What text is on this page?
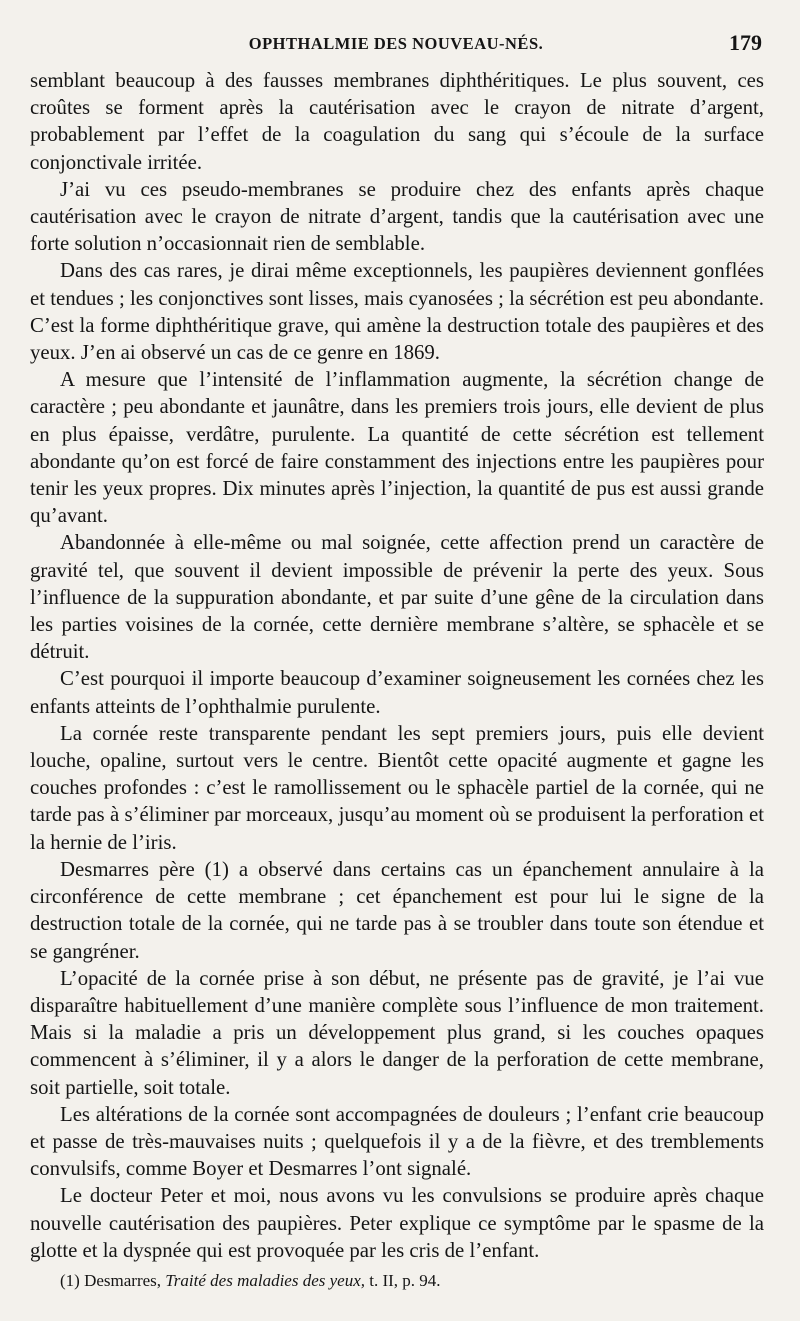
OPHTHALMIE DES NOUVEAU-NÉS.	179

semblant beaucoup à des fausses membranes diphthéritiques. Le plus souvent, ces croûtes se forment après la cautérisation avec le crayon de nitrate d’argent, probablement par l’effet de la coagulation du sang qui s’écoule de la surface conjonctivale irritée.

J’ai vu ces pseudo-membranes se produire chez des enfants après chaque cautérisation avec le crayon de nitrate d’argent, tandis que la cautérisation avec une forte solution n’occasionnait rien de semblable.

Dans des cas rares, je dirai même exceptionnels, les paupières deviennent gonflées et tendues ; les conjonctives sont lisses, mais cyanosées ; la sécrétion est peu abondante. C’est la forme diphthéritique grave, qui amène la destruction totale des paupières et des yeux. J’en ai observé un cas de ce genre en 1869.

A mesure que l’intensité de l’inflammation augmente, la sécrétion change de caractère ; peu abondante et jaunâtre, dans les premiers trois jours, elle devient de plus en plus épaisse, verdâtre, purulente. La quantité de cette sécrétion est tellement abondante qu’on est forcé de faire constamment des injections entre les paupières pour tenir les yeux propres. Dix minutes après l’injection, la quantité de pus est aussi grande qu’avant.

Abandonnée à elle-même ou mal soignée, cette affection prend un caractère de gravité tel, que souvent il devient impossible de prévenir la perte des yeux. Sous l’influence de la suppuration abondante, et par suite d’une gêne de la circulation dans les parties voisines de la cornée, cette dernière membrane s’altère, se sphacèle et se détruit.

C’est pourquoi il importe beaucoup d’examiner soigneusement les cornées chez les enfants atteints de l’ophthalmie purulente.

La cornée reste transparente pendant les sept premiers jours, puis elle devient louche, opaline, surtout vers le centre. Bientôt cette opacité augmente et gagne les couches profondes : c’est le ramollissement ou le sphacèle partiel de la cornée, qui ne tarde pas à s’éliminer par morceaux, jusqu’au moment où se produisent la perforation et la hernie de l’iris.

Desmarres père (1) a observé dans certains cas un épanchement annulaire à la circonférence de cette membrane ; cet épanchement est pour lui le signe de la destruction totale de la cornée, qui ne tarde pas à se troubler dans toute son étendue et se gangréner.

L’opacité de la cornée prise à son début, ne présente pas de gravité, je l’ai vue disparaître habituellement d’une manière complète sous l’influence de mon traitement. Mais si la maladie a pris un développement plus grand, si les couches opaques commencent à s’éliminer, il y a alors le danger de la perforation de cette membrane, soit partielle, soit totale.

Les altérations de la cornée sont accompagnées de douleurs ; l’enfant crie beaucoup et passe de très-mauvaises nuits ; quelquefois il y a de la fièvre, et des tremblements convulsifs, comme Boyer et Desmarres l’ont signalé.

Le docteur Peter et moi, nous avons vu les convulsions se produire après chaque nouvelle cautérisation des paupières. Peter explique ce symptôme par le spasme de la glotte et la dyspnée qui est provoquée par les cris de l’enfant.

(1) Desmarres, Traité des maladies des yeux, t. II, p. 94.
